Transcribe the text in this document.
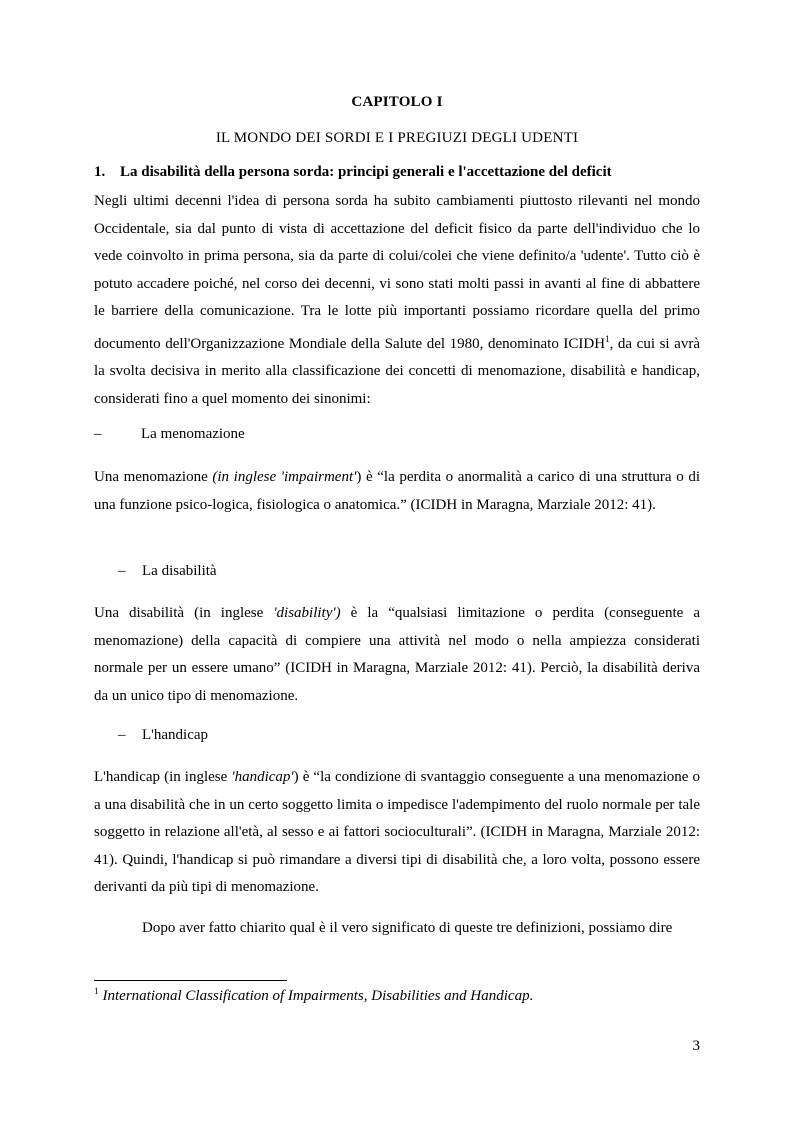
CAPITOLO I
IL MONDO DEI SORDI E I PREGIUZI DEGLI UDENTI
1. La disabilità della persona sorda: principi generali e l'accettazione del deficit

Negli ultimi decenni l'idea di persona sorda ha subito cambiamenti piuttosto rilevanti nel mondo Occidentale, sia dal punto di vista di accettazione del deficit fisico da parte dell'individuo che lo vede coinvolto in prima persona, sia da parte di colui/colei che viene definito/a 'udente'. Tutto ciò è potuto accadere poiché, nel corso dei decenni, vi sono stati molti passi in avanti al fine di abbattere le barriere della comunicazione. Tra le lotte più importanti possiamo ricordare quella del primo documento dell'Organizzazione Mondiale della Salute del 1980, denominato ICIDH$^1$, da cui si avrà la svolta decisiva in merito alla classificazione dei concetti di menomazione, disabilità e handicap, considerati fino a quel momento dei sinonimi:

–	La menomazione

Una menomazione (in inglese 'impairment') è “la perdita o anormalità a carico di una struttura o di una funzione psico-logica, fisiologica o anatomica.” (ICIDH in Maragna, Marziale 2012: 41).

– La disabilità

Una disabilità (in inglese 'disability') è la “qualsiasi limitazione o perdita (conseguente a menomazione) della capacità di compiere una attività nel modo o nella ampiezza considerati normale per un essere umano” (ICIDH in Maragna, Marziale 2012: 41). Perciò, la disabilità deriva da un unico tipo di menomazione.

– L'handicap

L'handicap (in inglese 'handicap') è “la condizione di svantaggio conseguente a una menomazione o a una disabilità che in un certo soggetto limita o impedisce l'adempimento del ruolo normale per tale soggetto in relazione all'età, al sesso e ai fattori socioculturali”. (ICIDH in Maragna, Marziale 2012: 41). Quindi, l'handicap si può rimandare a diversi tipi di disabilità che, a loro volta, possono essere derivanti da più tipi di menomazione.

Dopo aver fatto chiarito qual è il vero significato di queste tre definizioni, possiamo dire

$^1$ International Classification of Impairments, Disabilities and Handicap.
3
